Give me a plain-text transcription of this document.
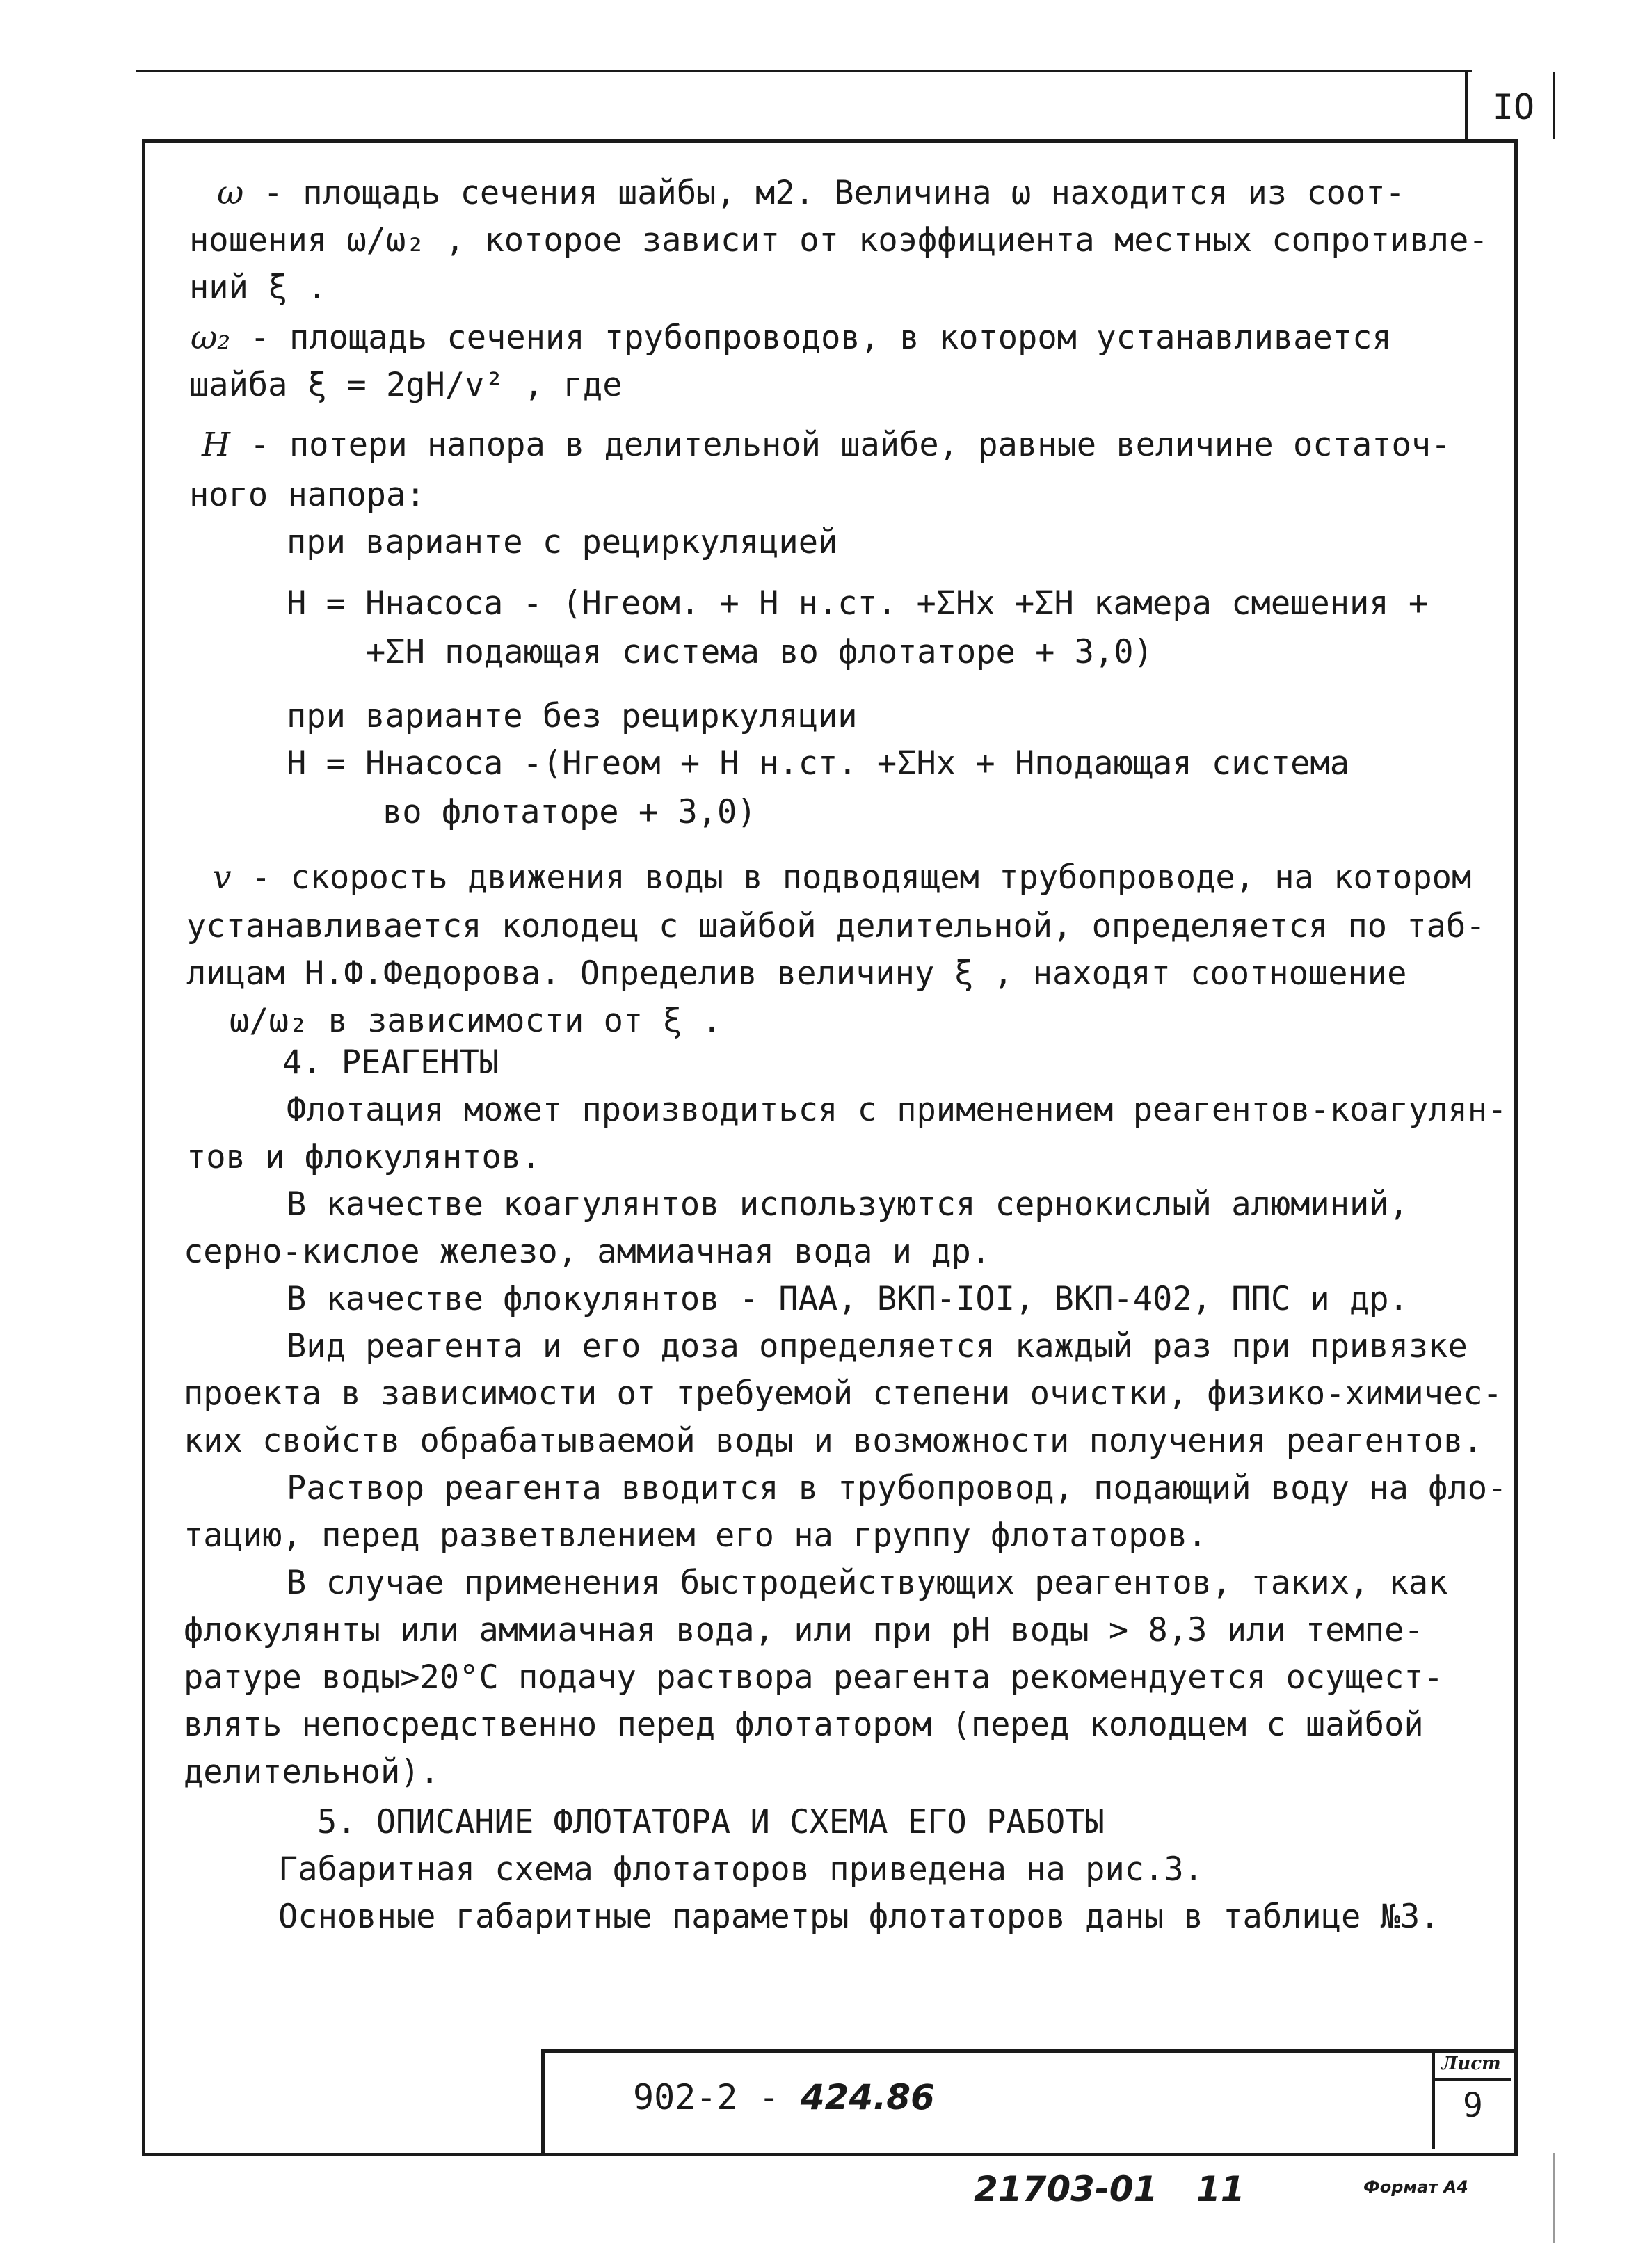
IO
ω - площадь сечения шайбы, м2. Величина ω находится из соот-
ношения ω/ω₂ , которое зависит от коэффициента местных сопротивле-
ний ξ .
ω₂ - площадь сечения трубопроводов, в котором устанавливается
шайба ξ = 2gH/v² , где
H - потери напора в делительной шайбе, равные величине остаточ-
ного напора:
при варианте с рециркуляцией
Н = Ннасоса - (Нгеом. + Н н.ст. +ΣНх +ΣН камера смешения +
+ΣН подающая система во флотаторе + 3,0)
при варианте без рециркуляции
Н = Ннасоса -(Нгеом + Н н.ст. +ΣНх + Нподающая система
во флотаторе + 3,0)
v - скорость движения воды в подводящем трубопроводе, на котором
устанавливается колодец с шайбой делительной, определяется по таб-
лицам Н.Ф.Федорова. Определив величину ξ , находят соотношение
ω/ω₂ в зависимости от ξ .
4. РЕАГЕНТЫ
Флотация может производиться с применением реагентов-коагулян-
тов и флокулянтов.
В качестве коагулянтов используются сернокислый алюминий,
серно-кислое железо, аммиачная вода и др.
В качестве флокулянтов - ПАА, ВКП-IOI, ВКП-402, ППС и др.
Вид реагента и его доза определяется каждый раз при привязке
проекта в зависимости от требуемой степени очистки, физико-химичес-
ких свойств обрабатываемой воды и возможности получения реагентов.
Раствор реагента вводится в трубопровод, подающий воду на фло-
тацию, перед разветвлением его на группу флотаторов.
В случае применения быстродействующих реагентов, таких, как
флокулянты или аммиачная вода, или при pH воды > 8,3 или темпе-
ратуре воды>20°С подачу раствора реагента рекомендуется осущест-
влять непосредственно перед флотатором (перед колодцем с шайбой
делительной).
5. ОПИСАНИЕ ФЛОТАТОРА И СХЕМА ЕГО РАБОТЫ
Габаритная схема флотаторов приведена на рис.3.
Основные габаритные параметры флотаторов даны в таблице №3.
902-2 - 424.86
Лист
9
21703-01 11	Формат А4
